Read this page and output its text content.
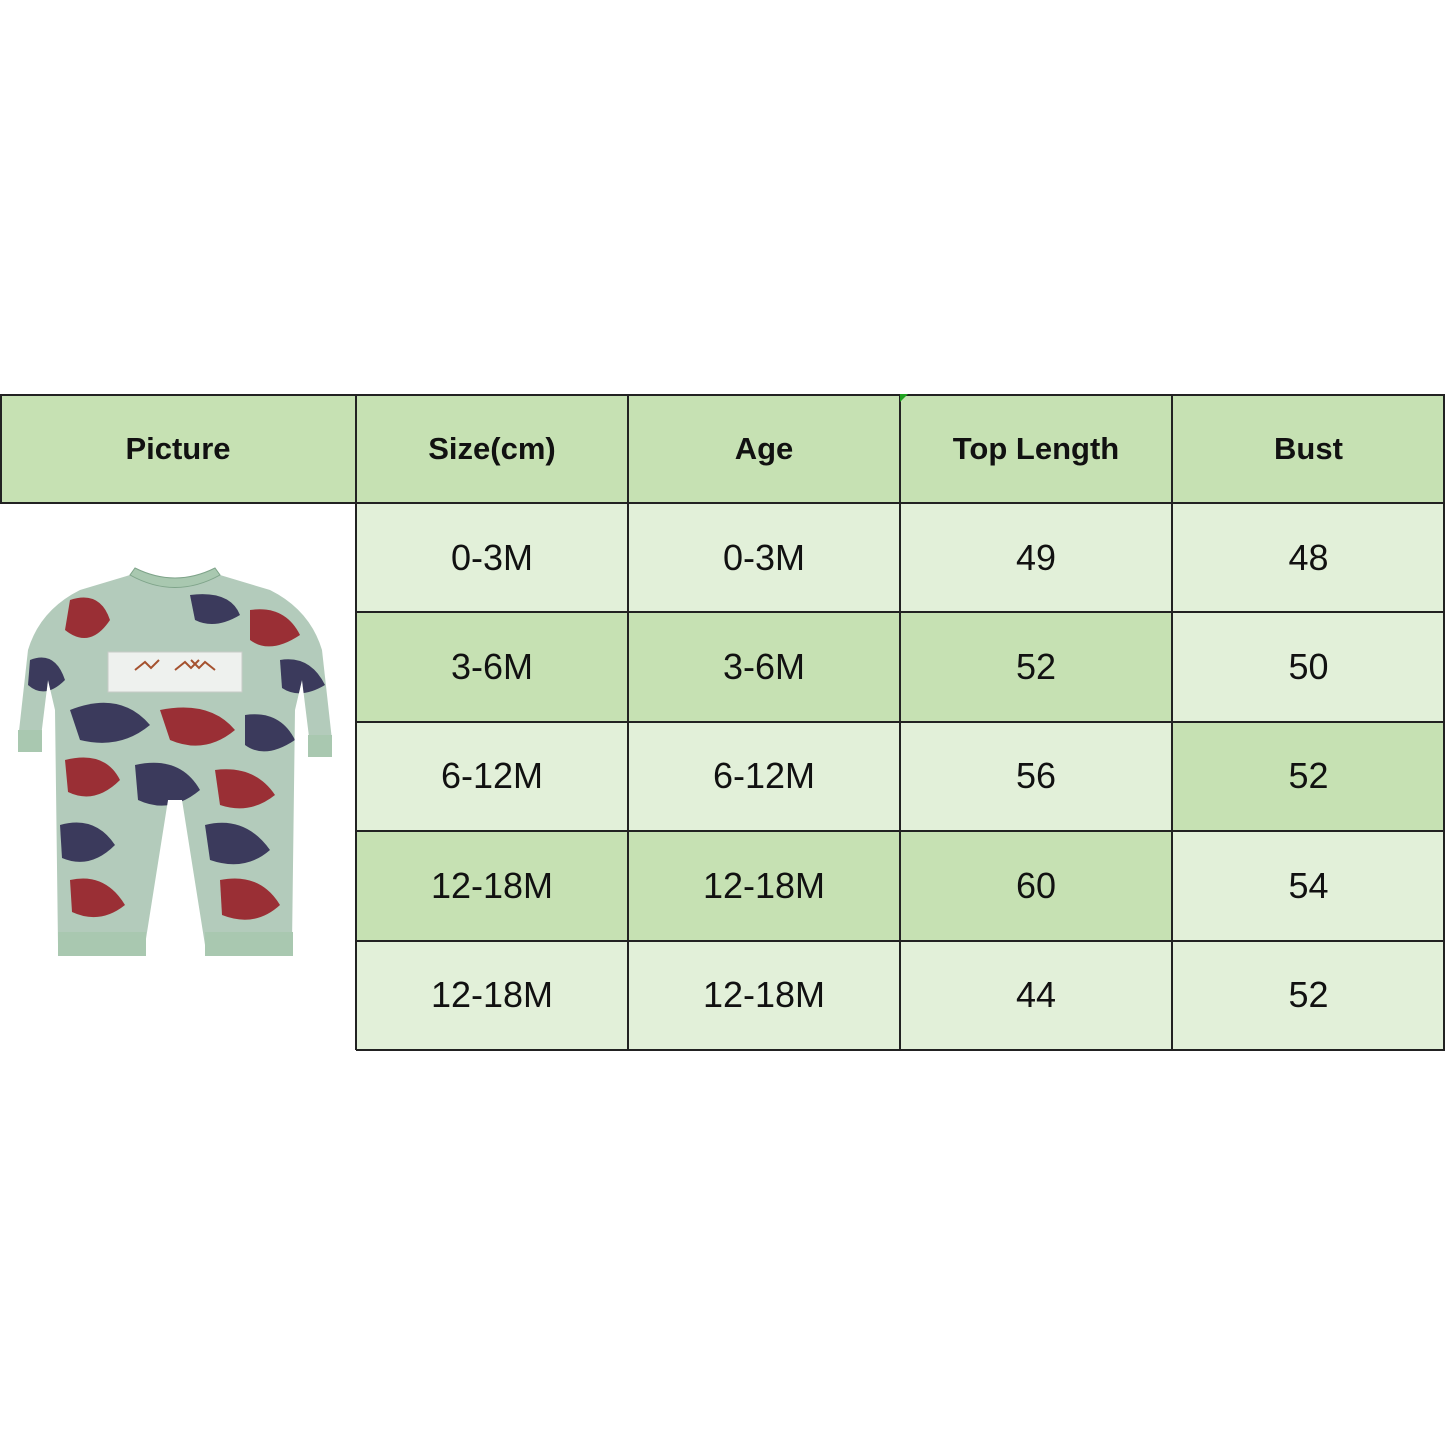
Picture	Size(cm)	Age	Top Length	Bust
0-3M	0-3M	49	48
3-6M	3-6M	52	50
6-12M	6-12M	56	52
12-18M	12-18M	60	54
12-18M	12-18M	44	52
